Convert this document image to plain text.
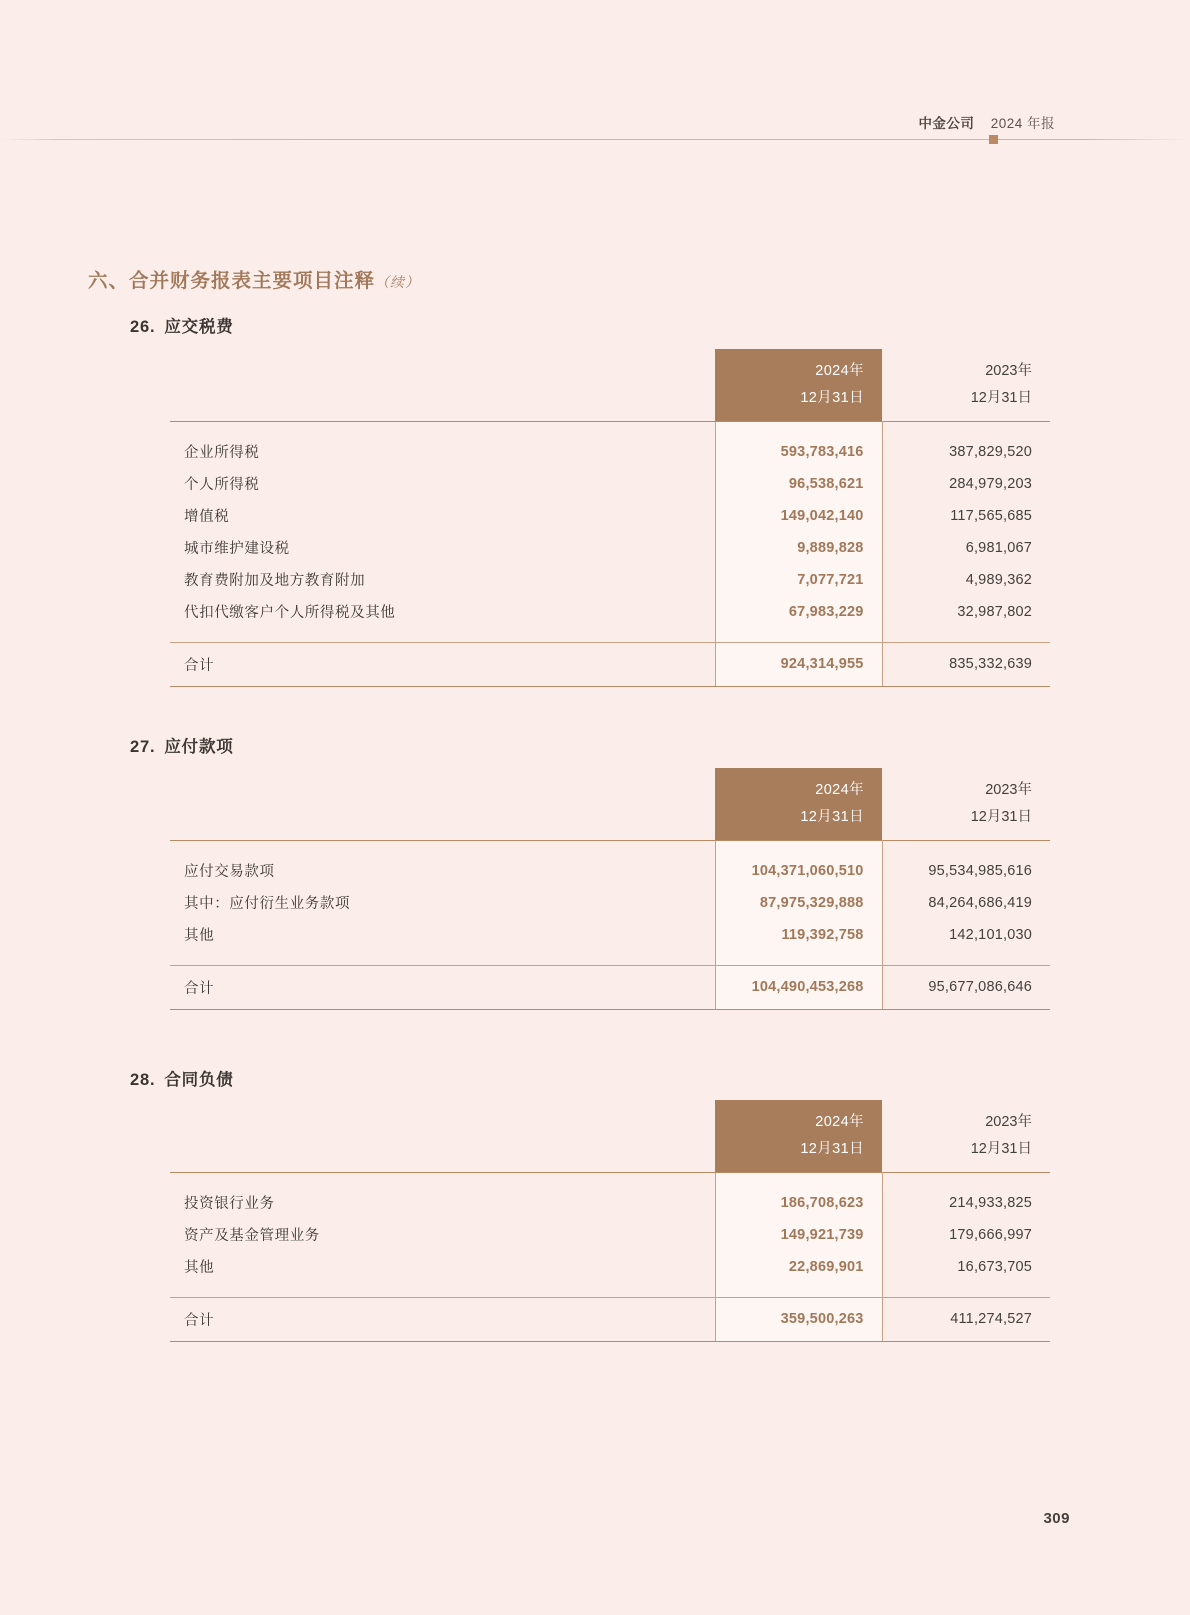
中金公司 2024 年报
六、合并财务报表主要项目注释（续）
26. 应交税费

2024年
12月31日

2023年
12月31日

企业所得税	593,783,416	387,829,520
个人所得税	96,538,621	284,979,203
增值税	149,042,140	117,565,685
城市维护建设税	9,889,828	6,981,067
教育费附加及地方教育附加	7,077,721	4,989,362
代扣代缴客户个人所得税及其他	67,983,229	32,987,802

合计	924,314,955	835,332,639
27. 应付款项

2024年
12月31日

2023年
12月31日

应付交易款项	104,371,060,510	95,534,985,616
其中：应付衍生业务款项	87,975,329,888	84,264,686,419
其他	119,392,758	142,101,030

合计	104,490,453,268	95,677,086,646
28. 合同负债

2024年
12月31日

2023年
12月31日

投资银行业务	186,708,623	214,933,825
资产及基金管理业务	149,921,739	179,666,997
其他	22,869,901	16,673,705

合计	359,500,263	411,274,527
309
